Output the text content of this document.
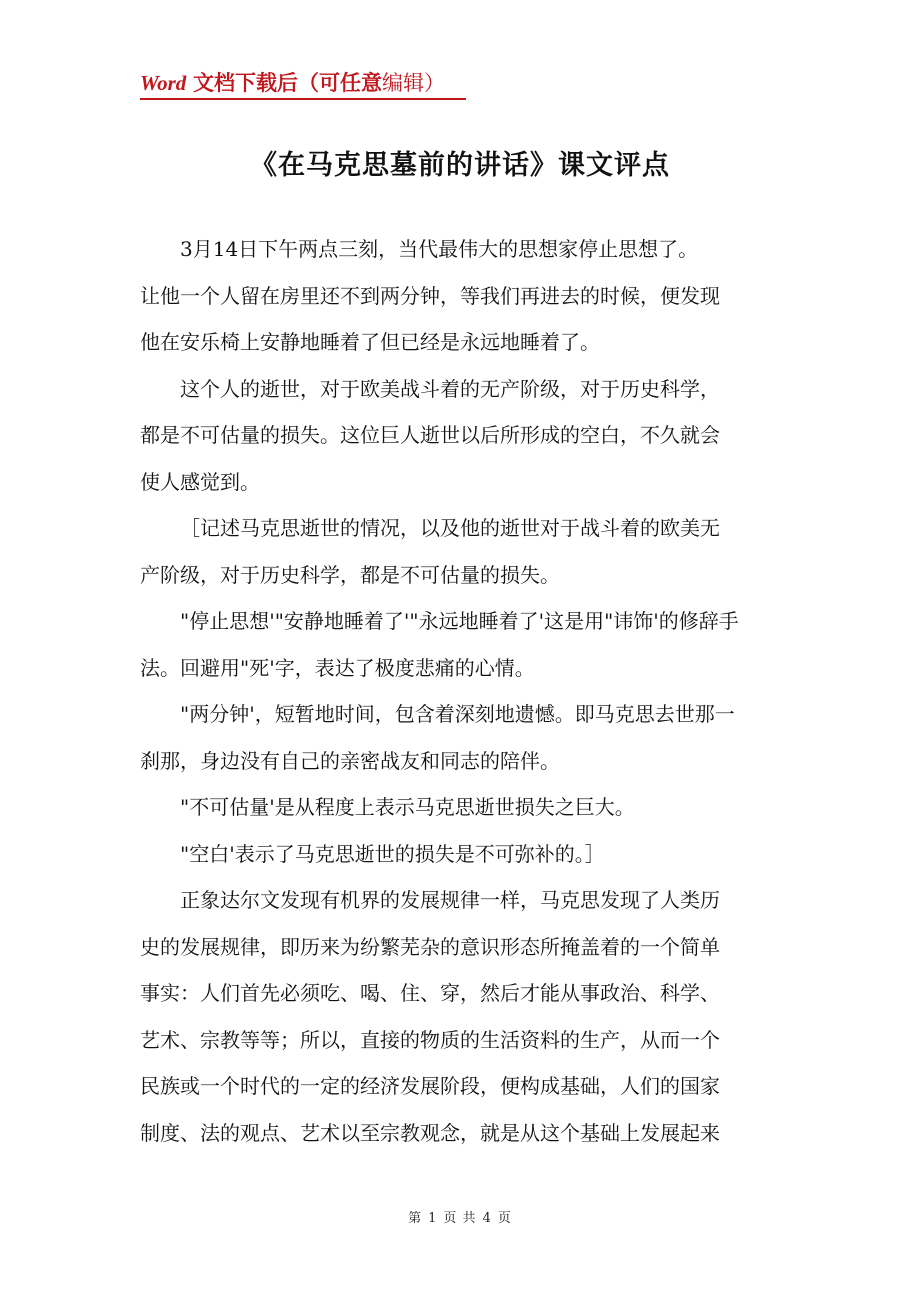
Word 文档下载后（可任意编辑）
《在马克思墓前的讲话》课文评点

3月14日下午两点三刻，当代最伟大的思想家停止思想了。
让他一个人留在房里还不到两分钟，等我们再进去的时候，便发现
他在安乐椅上安静地睡着了但已经是永远地睡着了。

这个人的逝世，对于欧美战斗着的无产阶级，对于历史科学，
都是不可估量的损失。这位巨人逝世以后所形成的空白，不久就会
使人感觉到。

［记述马克思逝世的情况，以及他的逝世对于战斗着的欧美无
产阶级，对于历史科学，都是不可估量的损失。

"停止思想'"安静地睡着了'"永远地睡着了'这是用"讳饰'的修辞手
法。回避用"死'字，表达了极度悲痛的心情。

"两分钟'，短暂地时间，包含着深刻地遗憾。即马克思去世那一
刹那，身边没有自己的亲密战友和同志的陪伴。

"不可估量'是从程度上表示马克思逝世损失之巨大。

"空白'表示了马克思逝世的损失是不可弥补的。］

正象达尔文发现有机界的发展规律一样，马克思发现了人类历
史的发展规律，即历来为纷繁芜杂的意识形态所掩盖着的一个简单
事实：人们首先必须吃、喝、住、穿，然后才能从事政治、科学、
艺术、宗教等等；所以，直接的物质的生活资料的生产，从而一个
民族或一个时代的一定的经济发展阶段，便构成基础，人们的国家
制度、法的观点、艺术以至宗教观念，就是从这个基础上发展起来

第 1 页 共 4 页
